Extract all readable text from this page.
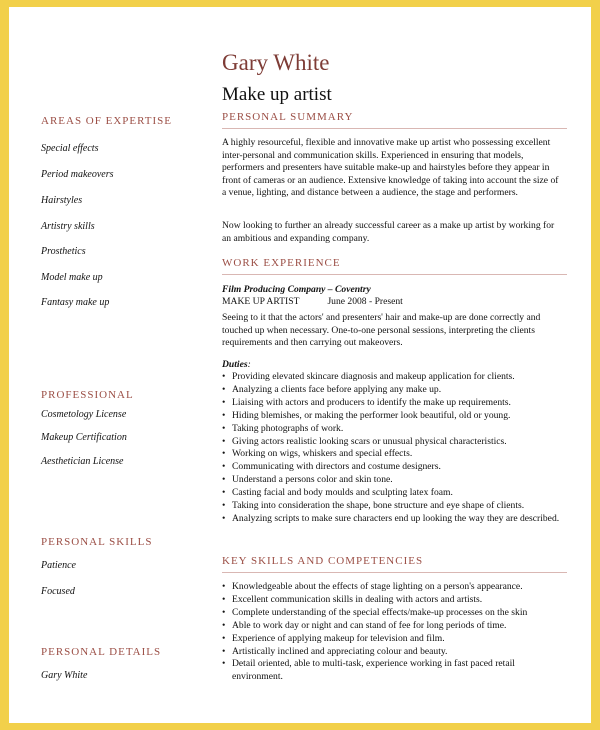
AREAS OF EXPERTISE
Special effects
Period makeovers
Hairstyles
Artistry skills
Prosthetics
Model make up
Fantasy make up
PROFESSIONAL
Cosmetology License
Makeup Certification
Aesthetician License
PERSONAL SKILLS
Patience
Focused
PERSONAL DETAILS
Gary White
Gary White
Make up artist
PERSONAL SUMMARY

A highly resourceful, flexible and innovative make up artist who possessing excellent inter-personal and communication skills. Experienced in ensuring that models, performers and presenters have suitable make-up and hairstyles before they appear in front of cameras or an audience. Extensive knowledge of taking into account the size of a venue, lighting, and distance between a audience, the stage and performers.

Now looking to further an already successful career as a make up artist by working for an ambitious and expanding company.

WORK EXPERIENCE
Film Producing Company – Coventry
MAKE UP ARTIST	June 2008 - Present

Seeing to it that the actors' and presenters' hair and make-up are done correctly and touched up when necessary. One-to-one personal sessions, interpreting the clients requirements and then carrying out makeovers.

Duties:
• Providing elevated skincare diagnosis and makeup application for clients.
• Analyzing a clients face before applying any make up.
• Liaising with actors and producers to identify the make up requirements.
• Hiding blemishes, or making the performer look beautiful, old or young.
• Taking photographs of work.
• Giving actors realistic looking scars or unusual physical characteristics.
• Working on wigs, whiskers and special effects.
• Communicating with directors and costume designers.
• Understand a persons color and skin tone.
• Casting facial and body moulds and sculpting latex foam.
• Taking into consideration the shape, bone structure and eye shape of clients.
• Analyzing scripts to make sure characters end up looking the way they are described.
KEY SKILLS AND COMPETENCIES
• Knowledgeable about the effects of stage lighting on a person's appearance.
• Excellent communication skills in dealing with actors and artists.
• Complete understanding of the special effects/make-up processes on the skin
• Able to work day or night and can stand of fee for long periods of time.
• Experience of applying makeup for television and film.
• Artistically inclined and appreciating colour and beauty.
• Detail oriented, able to multi-task, experience working in fast paced retail environment.
